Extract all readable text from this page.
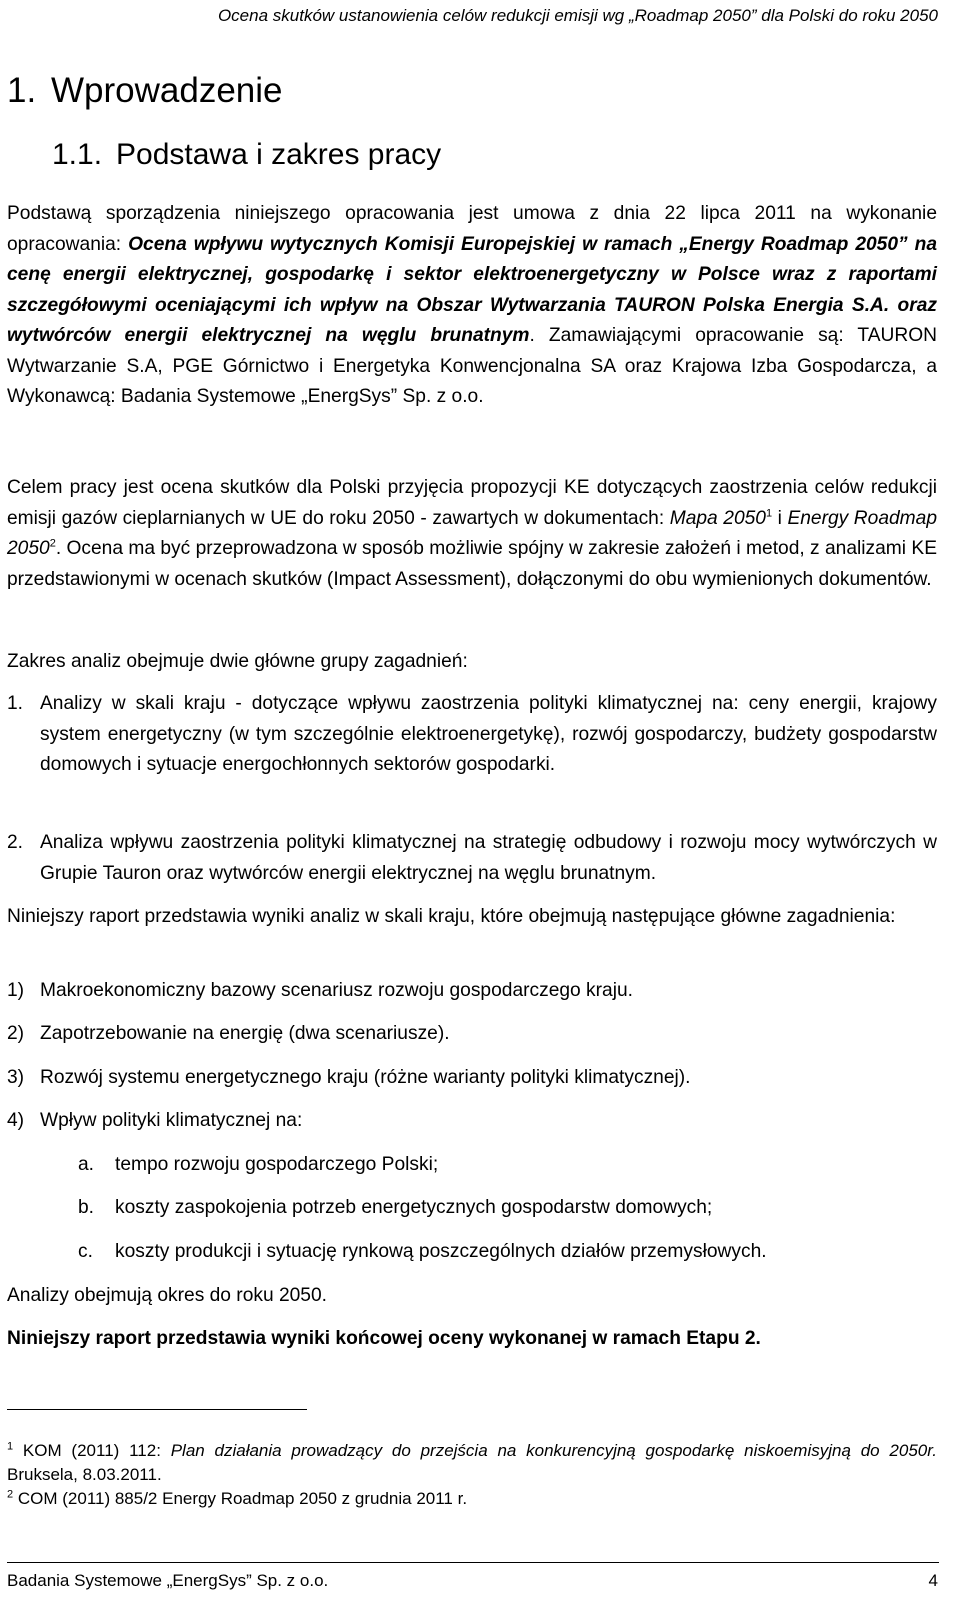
Ocena skutków ustanowienia celów redukcji emisji wg „Roadmap 2050” dla Polski do roku 2050
1. Wprowadzenie
1.1. Podstawa i zakres pracy

Podstawą sporządzenia niniejszego opracowania jest umowa z dnia 22 lipca 2011 na wykonanie opracowania: Ocena wpływu wytycznych Komisji Europejskiej w ramach „Energy Roadmap 2050” na cenę energii elektrycznej, gospodarkę i sektor elektroenergetyczny w Polsce wraz z raportami szczegółowymi oceniającymi ich wpływ na Obszar Wytwarzania TAURON Polska Energia S.A. oraz wytwórców energii elektrycznej na węglu brunatnym. Zamawiającymi opracowanie są: TAURON Wytwarzanie S.A, PGE Górnictwo i Energetyka Konwencjonalna SA oraz Krajowa Izba Gospodarcza, a Wykonawcą: Badania Systemowe „EnergSys” Sp. z o.o.

Celem pracy jest ocena skutków dla Polski przyjęcia propozycji KE dotyczących zaostrzenia celów redukcji emisji gazów cieplarnianych w UE do roku 2050 - zawartych w dokumentach: Mapa 2050$^1$ i Energy Roadmap 2050$^2$. Ocena ma być przeprowadzona w sposób możliwie spójny w zakresie założeń i metod, z analizami KE przedstawionymi w ocenach skutków (Impact Assessment), dołączonymi do obu wymienionych dokumentów.

Zakres analiz obejmuje dwie główne grupy zagadnień:

1. Analizy w skali kraju - dotyczące wpływu zaostrzenia polityki klimatycznej na: ceny energii, krajowy system energetyczny (w tym szczególnie elektroenergetykę), rozwój gospodarczy, budżety gospodarstw domowych i sytuacje energochłonnych sektorów gospodarki.
2. Analiza wpływu zaostrzenia polityki klimatycznej na strategię odbudowy i rozwoju mocy wytwórczych w Grupie Tauron oraz wytwórców energii elektrycznej na węglu brunatnym.

Niniejszy raport przedstawia wyniki analiz w skali kraju, które obejmują następujące główne zagadnienia:

1) Makroekonomiczny bazowy scenariusz rozwoju gospodarczego kraju.
2) Zapotrzebowanie na energię (dwa scenariusze).
3) Rozwój systemu energetycznego kraju (różne warianty polityki klimatycznej).
4) Wpływ polityki klimatycznej na:
a. tempo rozwoju gospodarczego Polski;
b. koszty zaspokojenia potrzeb energetycznych gospodarstw domowych;
c. koszty produkcji i sytuację rynkową poszczególnych działów przemysłowych.

Analizy obejmują okres do roku 2050.

Niniejszy raport przedstawia wyniki końcowej oceny wykonanej w ramach Etapu 2.

$^1$ KOM (2011) 112: Plan działania prowadzący do przejścia na konkurencyjną gospodarkę niskoemisyjną do 2050r. Bruksela, 8.03.2011.

$^2$ COM (2011) 885/2 Energy Roadmap 2050 z grudnia 2011 r.

Badania Systemowe „EnergSys” Sp. z o.o.	4
